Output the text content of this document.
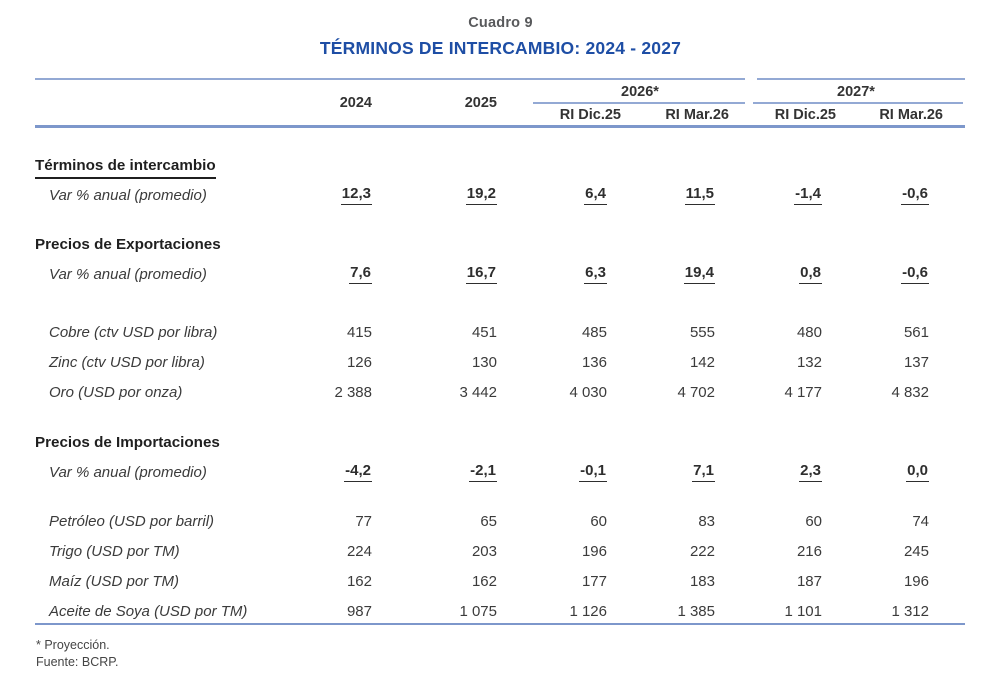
Cuadro 9
TÉRMINOS DE INTERCAMBIO: 2024 - 2027
	2024	2025	2026*		2027*	
			RI Dic.25	RI Mar.26	RI Dic.25	RI Mar.26

Términos de intercambio						
Var % anual (promedio)	12,3	19,2	6,4	11,5	-1,4	-0,6

Precios de Exportaciones						
Var % anual (promedio)	7,6	16,7	6,3	19,4	0,8	-0,6

Cobre (ctv USD por libra)	415	451	485	555	480	561
Zinc (ctv USD por libra)	126	130	136	142	132	137
Oro (USD por onza)	2 388	3 442	4 030	4 702	4 177	4 832

Precios de Importaciones						
Var % anual (promedio)	-4,2	-2,1	-0,1	7,1	2,3	0,0

Petróleo (USD por barril)	77	65	60	83	60	74
Trigo (USD por TM)	224	203	196	222	216	245
Maíz (USD por TM)	162	162	177	183	187	196
Aceite de Soya (USD por TM)	987	1 075	1 126	1 385	1 101	1 312
* Proyección.
Fuente: BCRP.
